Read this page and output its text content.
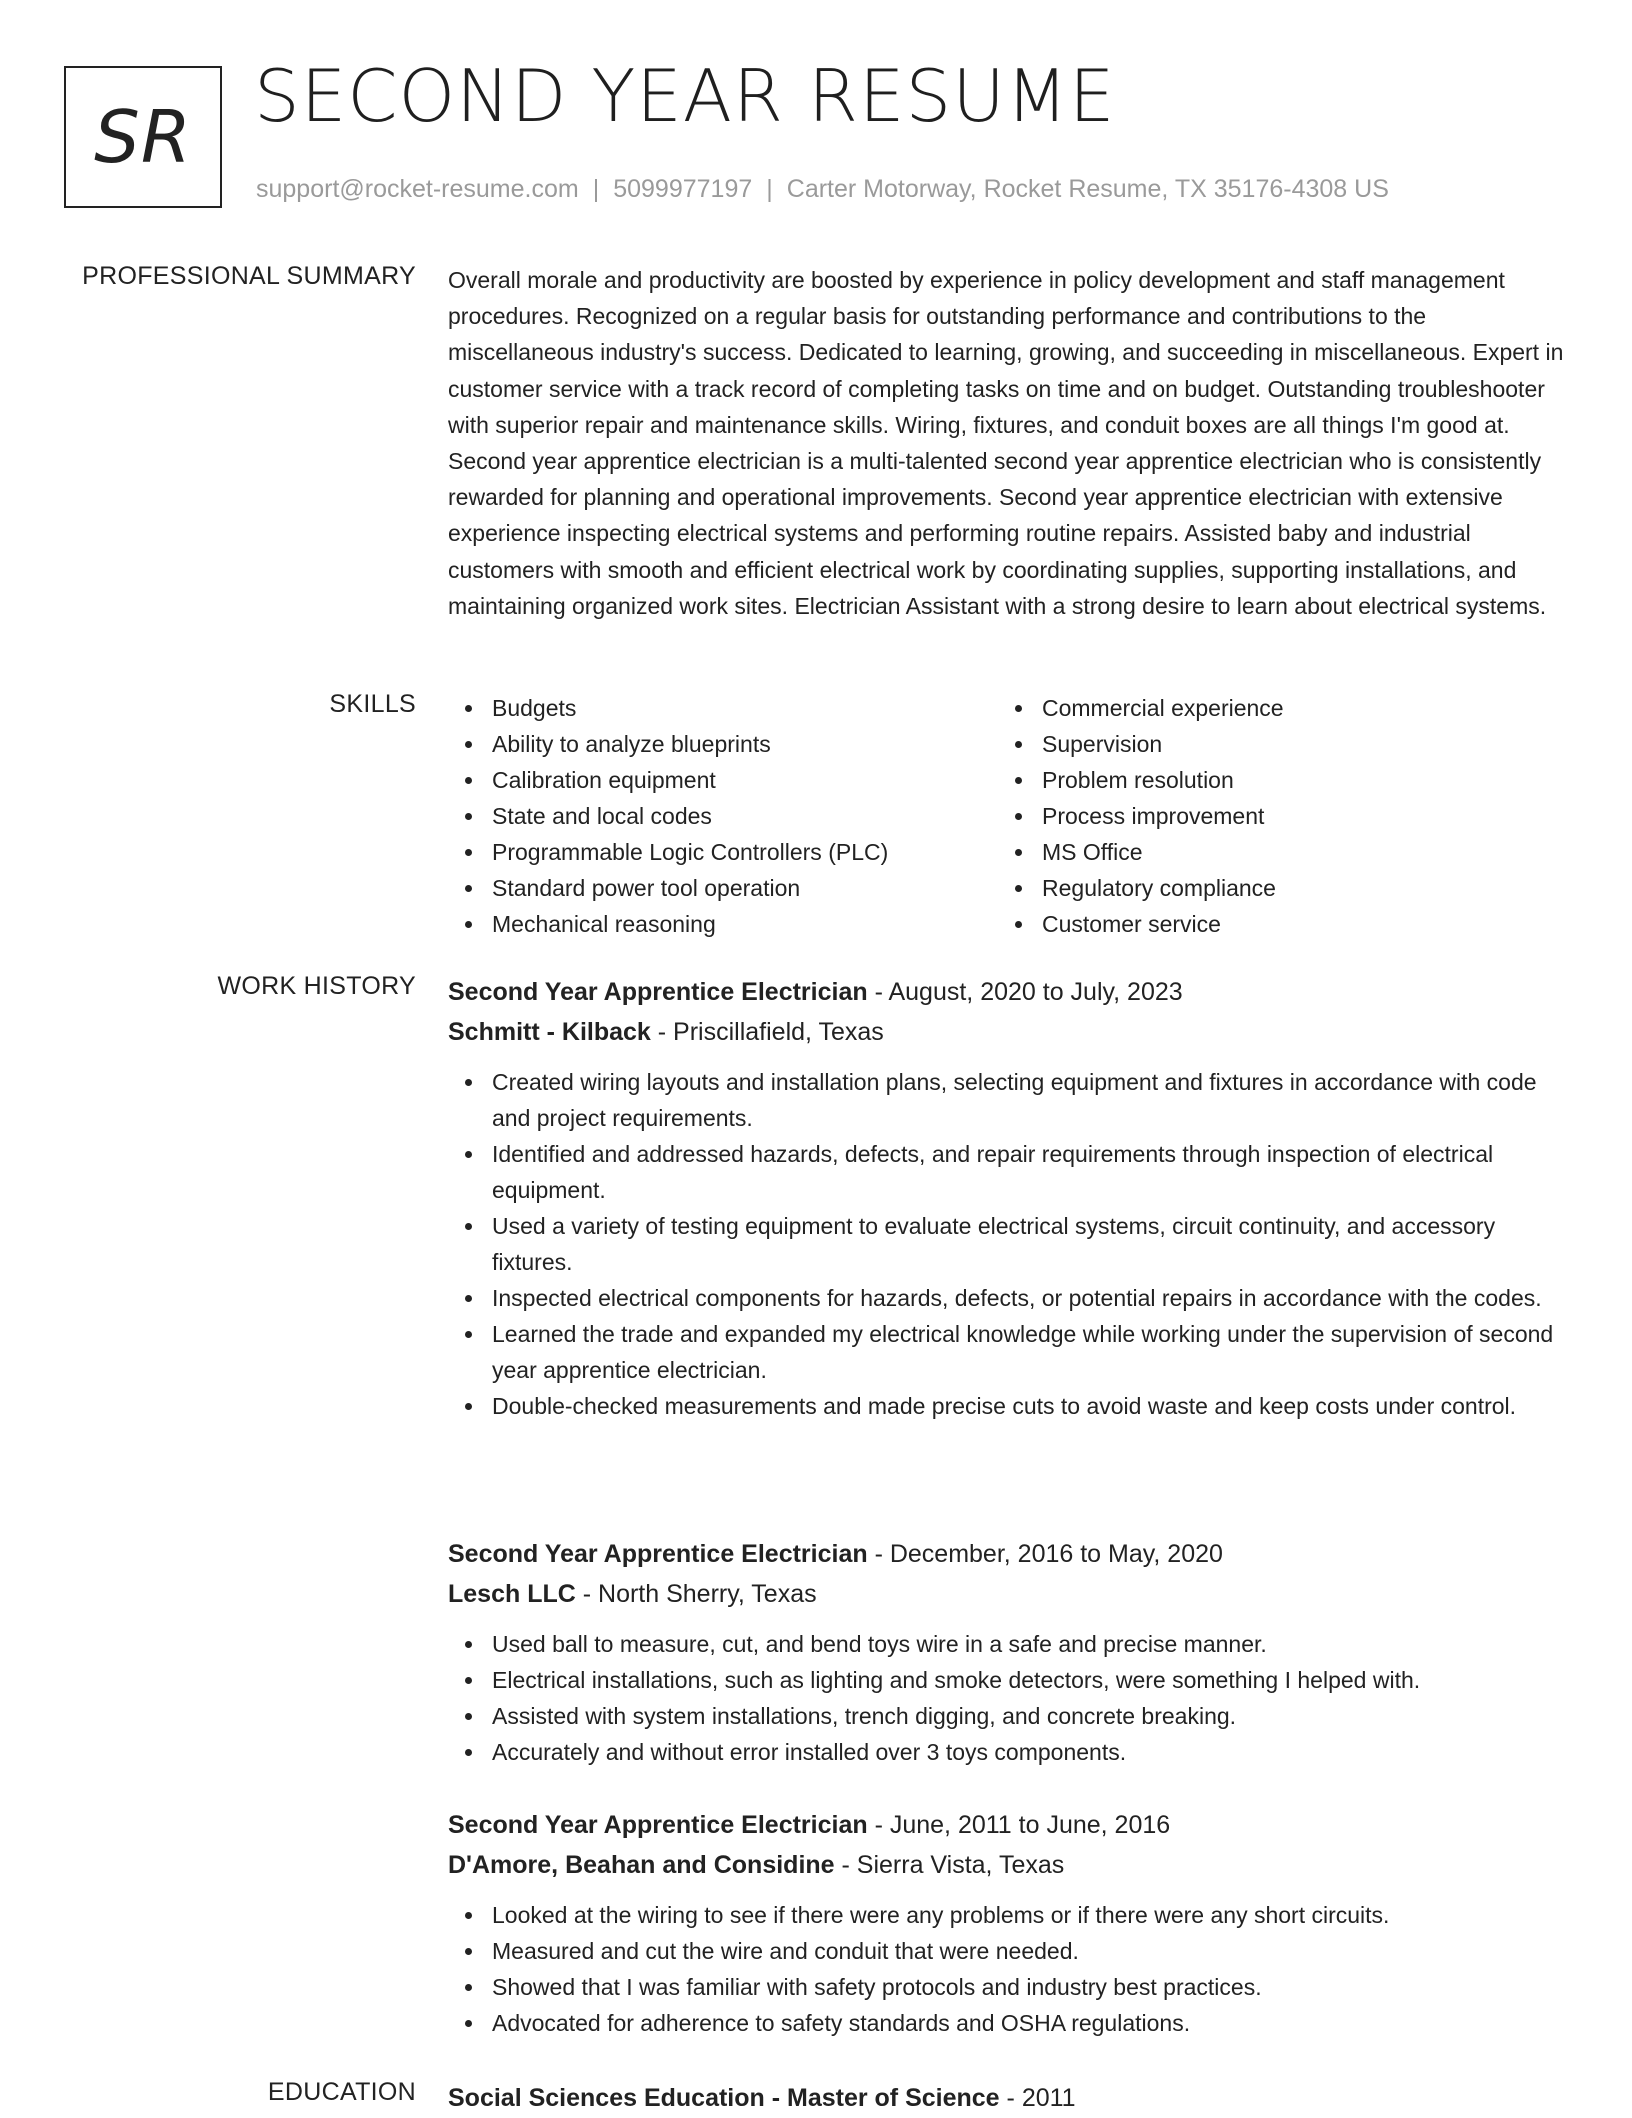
SR SECOND YEAR RESUME
support@rocket-resume.com | 5099977197 | Carter Motorway, Rocket Resume, TX 35176-4308 US
PROFESSIONAL SUMMARY Overall morale and productivity are boosted by experience in policy development and staff management procedures. Recognized on a regular basis for outstanding performance and contributions to the miscellaneous industry's success. Dedicated to learning, growing, and succeeding in miscellaneous. Expert in customer service with a track record of completing tasks on time and on budget. Outstanding troubleshooter with superior repair and maintenance skills. Wiring, fixtures, and conduit boxes are all things I'm good at. Second year apprentice electrician is a multi-talented second year apprentice electrician who is consistently rewarded for planning and operational improvements. Second year apprentice electrician with extensive experience inspecting electrical systems and performing routine repairs. Assisted baby and industrial customers with smooth and efficient electrical work by coordinating supplies, supporting installations, and maintaining organized work sites. Electrician Assistant with a strong desire to learn about electrical systems.

SKILLS	Budgets
Ability to analyze blueprints
Calibration equipment
State and local codes
Programmable Logic Controllers (PLC)
Standard power tool operation
Mechanical reasoning
Commercial experience
Supervision
Problem resolution
Process improvement
MS Office
Regulatory compliance
Customer service
WORK HISTORY Second Year Apprentice Electrician - August, 2020 to July, 2023
Schmitt - Kilback - Priscillafield, Texas
Created wiring layouts and installation plans, selecting equipment and fixtures in accordance with code and project requirements.
Identified and addressed hazards, defects, and repair requirements through inspection of electrical equipment.
Used a variety of testing equipment to evaluate electrical systems, circuit continuity, and accessory fixtures.
Inspected electrical components for hazards, defects, or potential repairs in accordance with the codes.
Learned the trade and expanded my electrical knowledge while working under the supervision of second year apprentice electrician.
Double-checked measurements and made precise cuts to avoid waste and keep costs under control.
Second Year Apprentice Electrician - December, 2016 to May, 2020
Lesch LLC - North Sherry, Texas
Used ball to measure, cut, and bend toys wire in a safe and precise manner.
Electrical installations, such as lighting and smoke detectors, were something I helped with.
Assisted with system installations, trench digging, and concrete breaking.
Accurately and without error installed over 3 toys components.
Second Year Apprentice Electrician - June, 2011 to June, 2016
D'Amore, Beahan and Considine - Sierra Vista, Texas
Looked at the wiring to see if there were any problems or if there were any short circuits.
Measured and cut the wire and conduit that were needed.
Showed that I was familiar with safety protocols and industry best practices.
Advocated for adherence to safety standards and OSHA regulations.
EDUCATION Social Sciences Education - Master of Science - 2011
